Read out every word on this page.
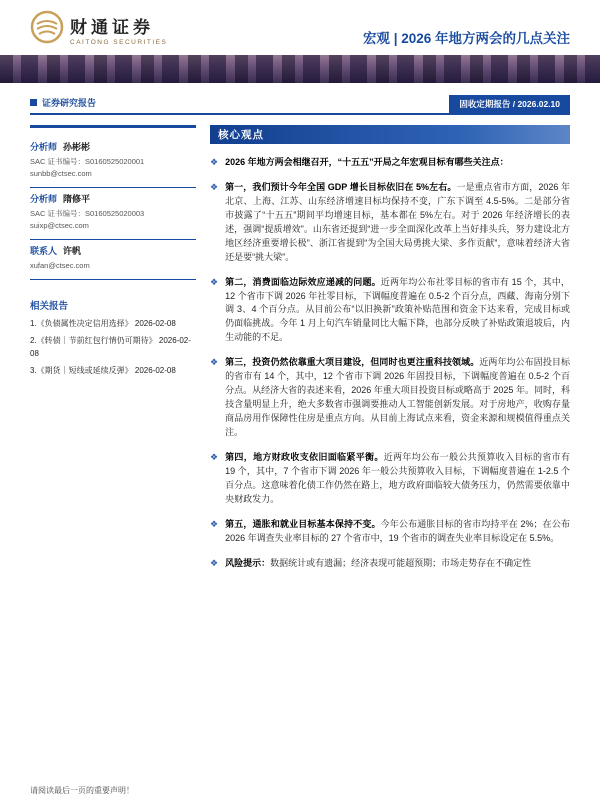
财通证券
CAITONG SECURITIES	宏观 | 2026 年地方两会的几点关注
证券研究报告	固收定期报告 / 2026.02.10
分析师 孙彬彬
SAC 证书编号：S0160525020001
sunbb@ctsec.com
分析师 隋修平
SAC 证书编号：S0160525020003
suixp@ctsec.com
联系人 许帆
xufan@ctsec.com
相关报告
1.《负债属性决定信用选择》 2026-02-08
2.《转债｜节前红包行情仍可期待》 2026-02-08
3.《期货｜短线或延续反弹》 2026-02-08
核心观点
❖ 2026 年地方两会相继召开，“十五五”开局之年宏观目标有哪些关注点：

❖ 第一，我们预计今年全国 GDP 增长目标依旧在 5%左右。一是重点省市方面，2026 年北京、上海、江苏、山东经济增速目标均保持不变，广东下调至 4.5-5%。二是部分省市披露了“十五五”期间平均增速目标，基本都在 5%左右。对于 2026 年经济增长的表述，强调“提质增效”。山东省还提到“进一步全面深化改革上当好排头兵，努力建设北方地区经济重要增长极”、浙江省提到“为全国大局勇挑大梁、多作贡献”，意味着经济大省还是要“挑大梁”。

❖ 第二，消费面临边际效应递减的问题。近两年均公布社零目标的省市有 15 个，其中，12 个省市下调 2026 年社零目标，下调幅度普遍在 0.5-2 个百分点，西藏、海南分别下调 3、4 个百分点。从目前公布“以旧换新”政策补贴范围和资金下达来看，完成目标或仍面临挑战。今年 1 月上旬汽车销量同比大幅下降，也部分反映了补贴政策退坡后，内生动能的不足。

❖ 第三，投资仍然依靠重大项目建设，但同时也更注重科技领域。近两年均公布固投目标的省市有 14 个，其中，12 个省市下调 2026 年固投目标，下调幅度普遍在 0.5-2 个百分点。从经济大省的表述来看，2026 年重大项目投资目标或略高于 2025 年。同时，科技含量明显上升，绝大多数省市强调要推动人工智能创新发展。对于房地产，收购存量商品房用作保障性住房是重点方向。从目前上海试点来看，资金来源和规模值得重点关注。

❖ 第四，地方财政收支依旧面临紧平衡。近两年均公布一般公共预算收入目标的省市有 19 个，其中，7 个省市下调 2026 年一般公共预算收入目标，下调幅度普遍在 1-2.5 个百分点。这意味着化债工作仍然在路上，地方政府面临较大债务压力，仍然需要依靠中央财政发力。

❖ 第五，通胀和就业目标基本保持不变。今年公布通胀目标的省市均持平在 2%；在公布 2026 年调查失业率目标的 27 个省市中，19 个省市的调查失业率目标设定在 5.5%。

❖ 风险提示：数据统计或有遗漏；经济表现可能超预期；市场走势存在不确定性

请阅读最后一页的重要声明！
